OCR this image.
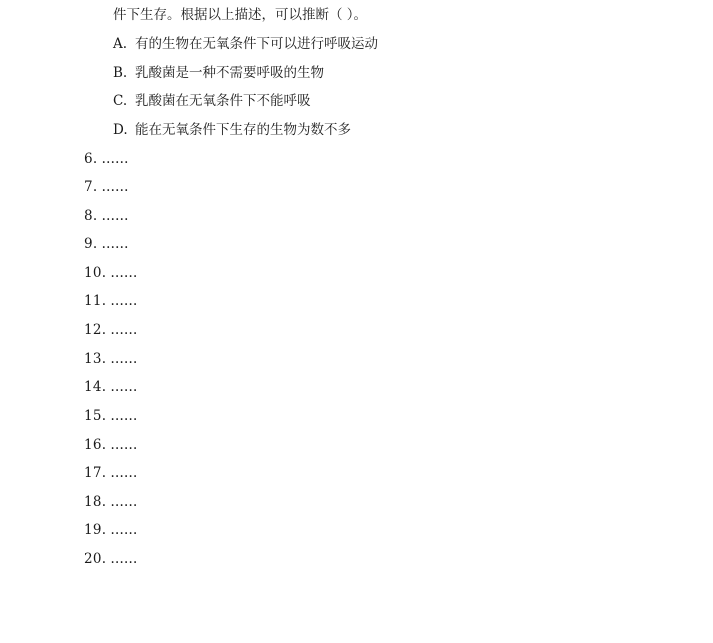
件下生存。根据以上描述，可以推断（ ）。
A. 有的生物在无氧条件下可以进行呼吸运动
B. 乳酸菌是一种不需要呼吸的生物
C. 乳酸菌在无氧条件下不能呼吸
D. 能在无氧条件下生存的生物为数不多
6. ……
7. ……
8. ……
9. ……
10. ……
11. ……
12. ……
13. ……
14. ……
15. ……
16. ……
17. ……
18. ……
19. ……
20. ……
